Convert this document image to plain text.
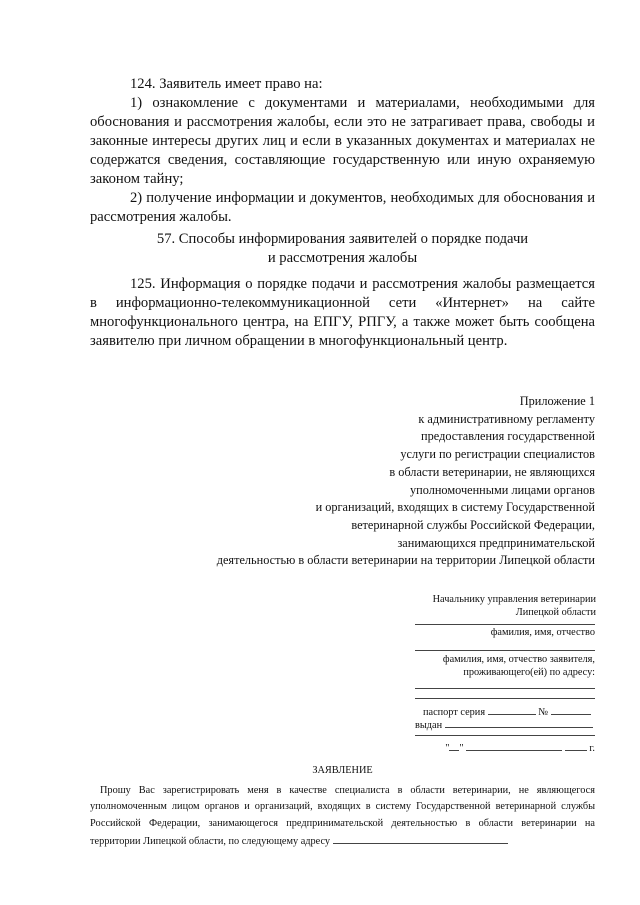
124. Заявитель имеет право на:
1) ознакомление с документами и материалами, необходимыми для обоснования и рассмотрения жалобы, если это не затрагивает права, свободы и законные интересы других лиц и если в указанных документах и материалах не содержатся сведения, составляющие государственную или иную охраняемую законом тайну;
2) получение информации и документов, необходимых для обоснования и рассмотрения жалобы.
57. Способы информирования заявителей о порядке подачи
и рассмотрения жалобы
125. Информация о порядке подачи и рассмотрения жалобы размещается в информационно-телекоммуникационной сети «Интернет» на сайте многофункционального центра, на ЕПГУ, РПГУ, а также может быть сообщена заявителю при личном обращении в многофункциональный центр.
Приложение 1
к административному регламенту
предоставления государственной
услуги по регистрации специалистов
в области ветеринарии, не являющихся
уполномоченными лицами органов
и организаций, входящих в систему Государственной
ветеринарной службы Российской Федерации,
занимающихся предпринимательской
деятельностью в области ветеринарии на территории Липецкой области
Начальнику управления ветеринарии
Липецкой области
фамилия, имя, отчество
фамилия, имя, отчество заявителя,
проживающего(ей) по адресу:
паспорт серия	№
выдан
" "	г.
ЗАЯВЛЕНИЕ
Прошу Вас зарегистрировать меня в качестве специалиста в области ветеринарии, не являющегося уполномоченным лицом органов и организаций, входящих в систему Государственной ветеринарной службы Российской Федерации, занимающегося предпринимательской деятельностью в области ветеринарии на территории Липецкой области, по следующему адресу
